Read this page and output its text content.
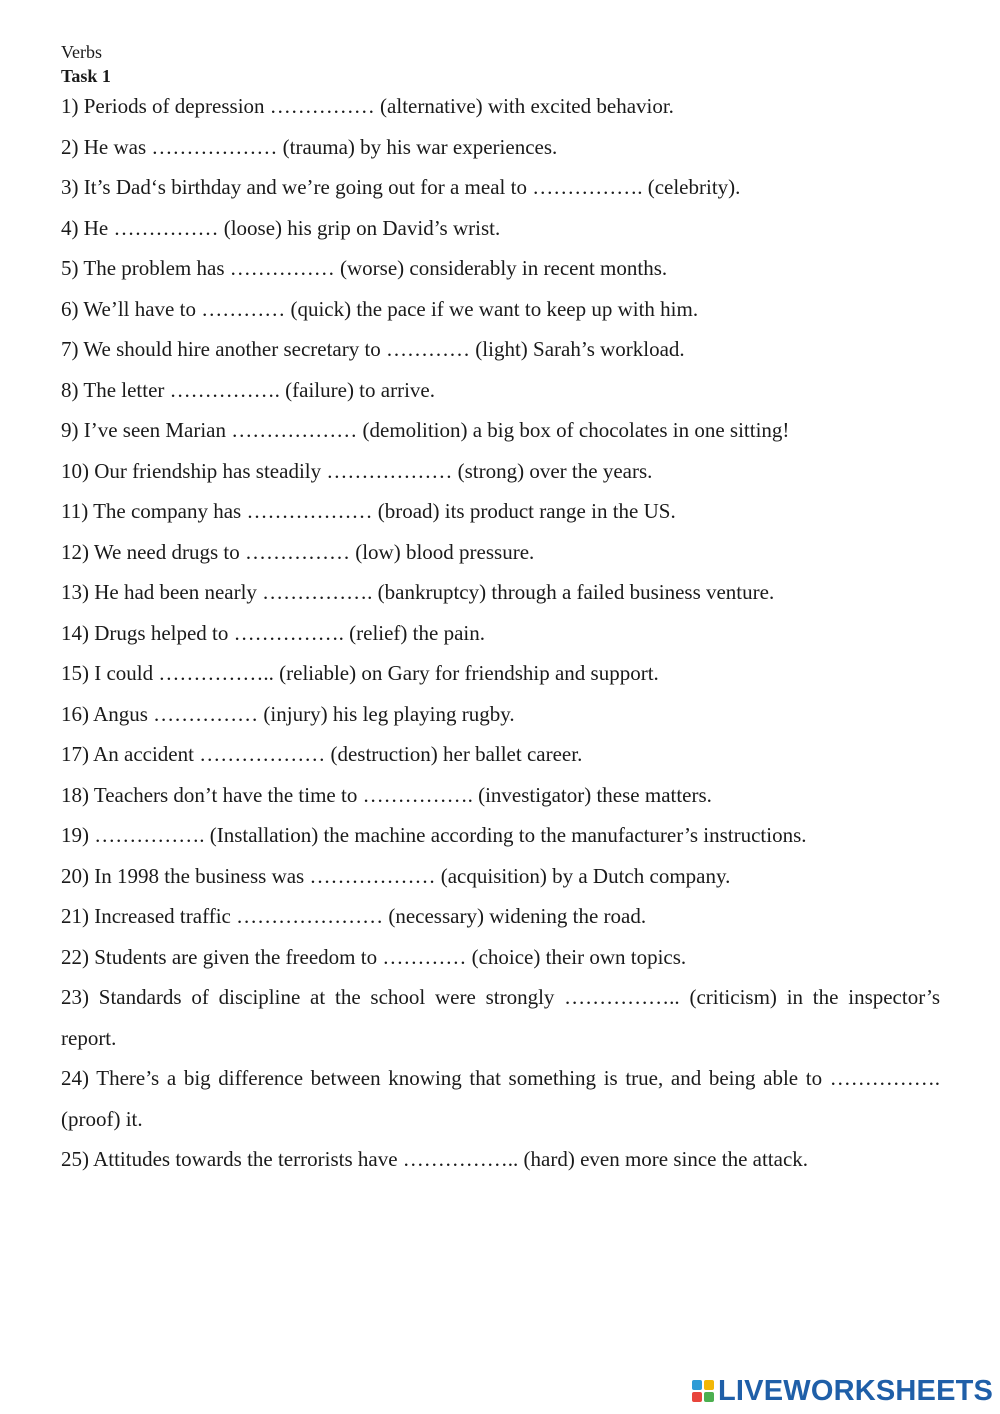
Verbs
Task 1
1) Periods of depression …………… (alternative) with excited behavior.
2) He was ……………… (trauma) by his war experiences.
3) It’s Dad‘s birthday and we’re going out for a meal to ……………. (celebrity).
4) He …………… (loose) his grip on David’s wrist.
5) The problem has …………… (worse) considerably in recent months.
6) We’ll have to ………… (quick) the pace if we want to keep up with him.
7) We should hire another secretary to ………… (light) Sarah’s workload.
8) The letter ……………. (failure) to arrive.
9) I’ve seen Marian ……………… (demolition) a big box of chocolates in one sitting!
10) Our friendship has steadily ……………… (strong) over the years.
11) The company has ……………… (broad) its product range in the US.
12) We need drugs to …………… (low) blood pressure.
13) He had been nearly ……………. (bankruptcy) through a failed business venture.
14) Drugs helped to ……………. (relief) the pain.
15) I could …………….. (reliable) on Gary for friendship and support.
16) Angus …………… (injury) his leg playing rugby.
17) An accident ……………… (destruction) her ballet career.
18) Teachers don’t have the time to ……………. (investigator) these matters.
19) ……………. (Installation) the machine according to the manufacturer’s instructions.
20) In 1998 the business was ……………… (acquisition) by a Dutch company.
21) Increased traffic ………………… (necessary) widening the road.
22) Students are given the freedom to ………… (choice) their own topics.
23) Standards of discipline at the school were strongly …………….. (criticism) in the inspector’s report.
24) There’s a big difference between knowing that something is true, and being able to ……………. (proof) it.
25) Attitudes towards the terrorists have …………….. (hard) even more since the attack.
LIVEWORKSHEETS
